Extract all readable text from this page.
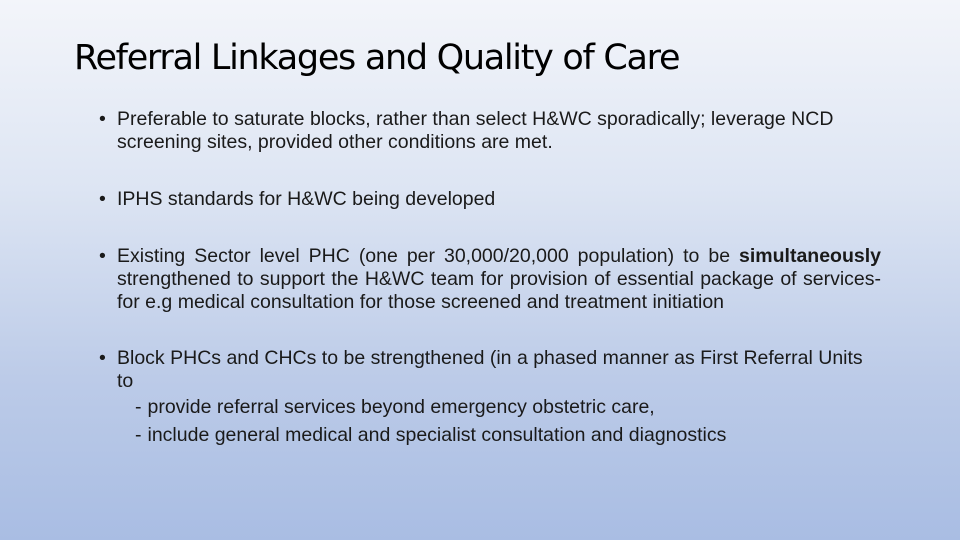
Referral Linkages and Quality of Care
• Preferable to saturate blocks, rather than select H&WC sporadically; leverage NCD screening sites, provided other conditions are met.
• IPHS standards for H&WC being developed
• Existing Sector level PHC (one per 30,000/20,000 population) to be simultaneously strengthened to support the H&WC team for provision of essential package of services- for e.g medical consultation for those screened and treatment initiation
• Block PHCs and CHCs to be strengthened (in a phased manner as First Referral Units to
- provide referral services beyond emergency obstetric care,
- include general medical and specialist consultation and diagnostics
